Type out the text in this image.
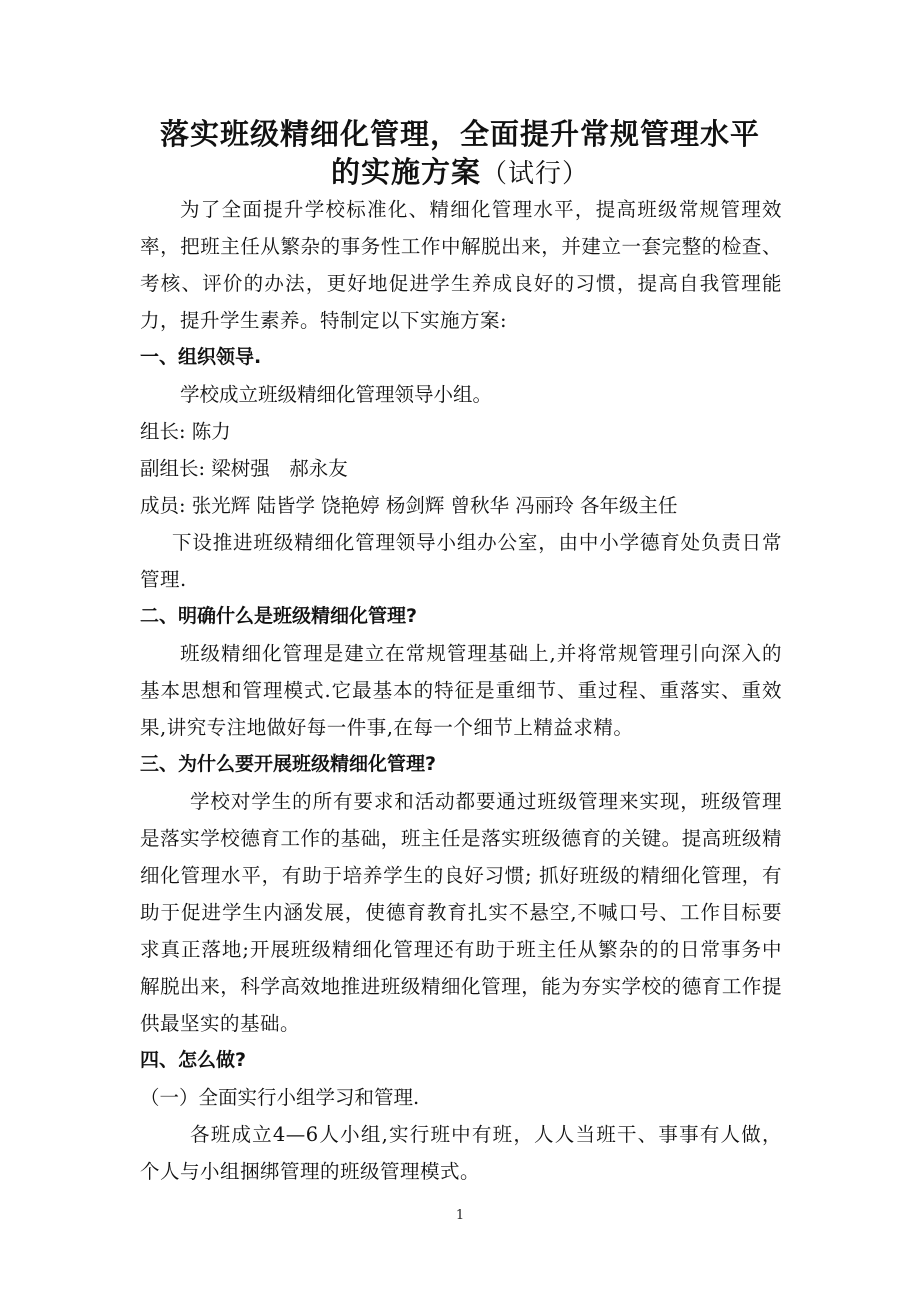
落实班级精细化管理，全面提升常规管理水平
的实施方案（试行）
为了全面提升学校标准化、精细化管理水平，提高班级常规管理效率，把班主任从繁杂的事务性工作中解脱出来，并建立一套完整的检查、考核、评价的办法，更好地促进学生养成良好的习惯，提高自我管理能力，提升学生素养。特制定以下实施方案:
一、组织领导.
学校成立班级精细化管理领导小组。
组长: 陈力
副组长: 梁树强　郝永友
成员: 张光辉 陆皆学 饶艳婷 杨剑辉 曾秋华 冯丽玲 各年级主任
下设推进班级精细化管理领导小组办公室，由中小学德育处负责日常管理.
二、明确什么是班级精细化管理?
班级精细化管理是建立在常规管理基础上,并将常规管理引向深入的基本思想和管理模式.它最基本的特征是重细节、重过程、重落实、重效果,讲究专注地做好每一件事,在每一个细节上精益求精。
三、为什么要开展班级精细化管理?
学校对学生的所有要求和活动都要通过班级管理来实现，班级管理是落实学校德育工作的基础，班主任是落实班级德育的关键。提高班级精细化管理水平，有助于培养学生的良好习惯; 抓好班级的精细化管理，有助于促进学生内涵发展，使德育教育扎实不悬空,不喊口号、工作目标要求真正落地;开展班级精细化管理还有助于班主任从繁杂的的日常事务中解脱出来，科学高效地推进班级精细化管理，能为夯实学校的德育工作提供最坚实的基础。
四、怎么做?
（一）全面实行小组学习和管理.
各班成立4—6人小组,实行班中有班，人人当班干、事事有人做，个人与小组捆绑管理的班级管理模式。
1
